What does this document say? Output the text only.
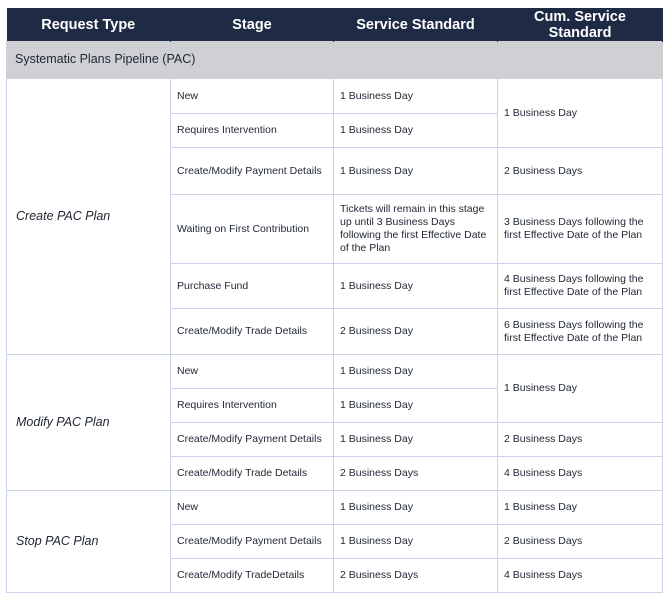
Request Type	Stage	Service Standard	Cum. Service Standard
Systematic Plans Pipeline (PAC)			
Create PAC Plan	New	1 Business Day	1 Business Day
	Requires Intervention	1 Business Day	
	Create/Modify Payment Details	1 Business Day	2 Business Days
	Waiting on First Contribution	Tickets will remain in this stage up until 3 Business Days following the first Effective Date of the Plan	3 Business Days following the first Effective Date of the Plan
	Purchase Fund	1 Business Day	4 Business Days following the first Effective Date of the Plan
	Create/Modify Trade Details	2 Business Day	6 Business Days following the first Effective Date of the Plan
Modify PAC Plan	New	1 Business Day	1 Business Day
	Requires Intervention	1 Business Day	
	Create/Modify Payment Details	1 Business Day	2 Business Days
	Create/Modify Trade Details	2 Business Days	4 Business Days
Stop PAC Plan	New	1 Business Day	1 Business Day
	Create/Modify Payment Details	1 Business Day	2 Business Days
	Create/Modify TradeDetails	2 Business Days	4 Business Days
